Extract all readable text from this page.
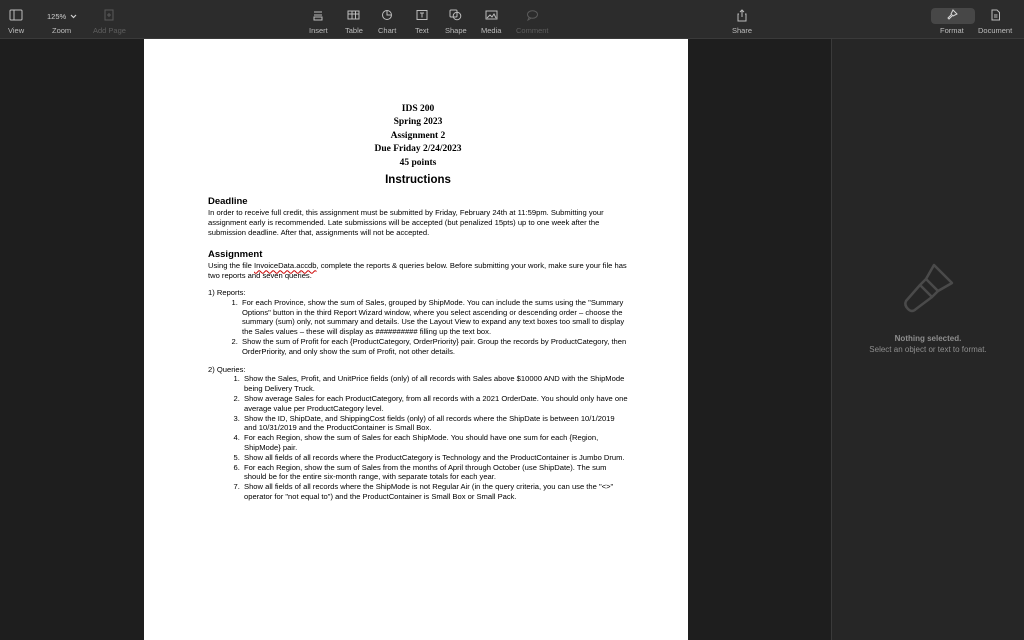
View
125%
Zoom	Add Page	Insert Table Chart Text Shape Media Comment	Share	Format Document
IDS 200
Spring 2023
Assignment 2
Due Friday 2/24/2023
45 points
Instructions
Deadline
In order to receive full credit, this assignment must be submitted by Friday, February 24th at 11:59pm. Submitting your assignment early is recommended. Late submissions will be accepted (but penalized 15pts) up to one week after the submission deadline. After that, assignments will not be accepted.
Assignment
Using the file InvoiceData.accdb, complete the reports & queries below. Before submitting your work, make sure your file has two reports and seven queries.
1) Reports:
1. For each Province, show the sum of Sales, grouped by ShipMode. You can include the sums using the "Summary Options" button in the third Report Wizard window, where you select ascending or descending order – choose the summary (sum) only, not summary and details. Use the Layout View to expand any text boxes too small to display the Sales values – these will display as ########## filling up the text box.
2. Show the sum of Profit for each {ProductCategory, OrderPriority} pair. Group the records by ProductCategory, then OrderPriority, and only show the sum of Profit, not other details.
2) Queries:
1. Show the Sales, Profit, and UnitPrice fields (only) of all records with Sales above $10000 AND with the ShipMode being Delivery Truck.
2. Show average Sales for each ProductCategory, from all records with a 2021 OrderDate. You should only have one average value per ProductCategory level.
3. Show the ID, ShipDate, and ShippingCost fields (only) of all records where the ShipDate is between 10/1/2019 and 10/31/2019 and the ProductContainer is Small Box.
4. For each Region, show the sum of Sales for each ShipMode. You should have one sum for each {Region, ShipMode} pair.
5. Show all fields of all records where the ProductCategory is Technology and the ProductContainer is Jumbo Drum.
6. For each Region, show the sum of Sales from the months of April through October (use ShipDate). The sum should be for the entire six-month range, with separate totals for each year.
7. Show all fields of all records where the ShipMode is not Regular Air (in the query criteria, you can use the "<>" operator for "not equal to") and the ProductContainer is Small Box or Small Pack.
Nothing selected.
Select an object or text to format.
